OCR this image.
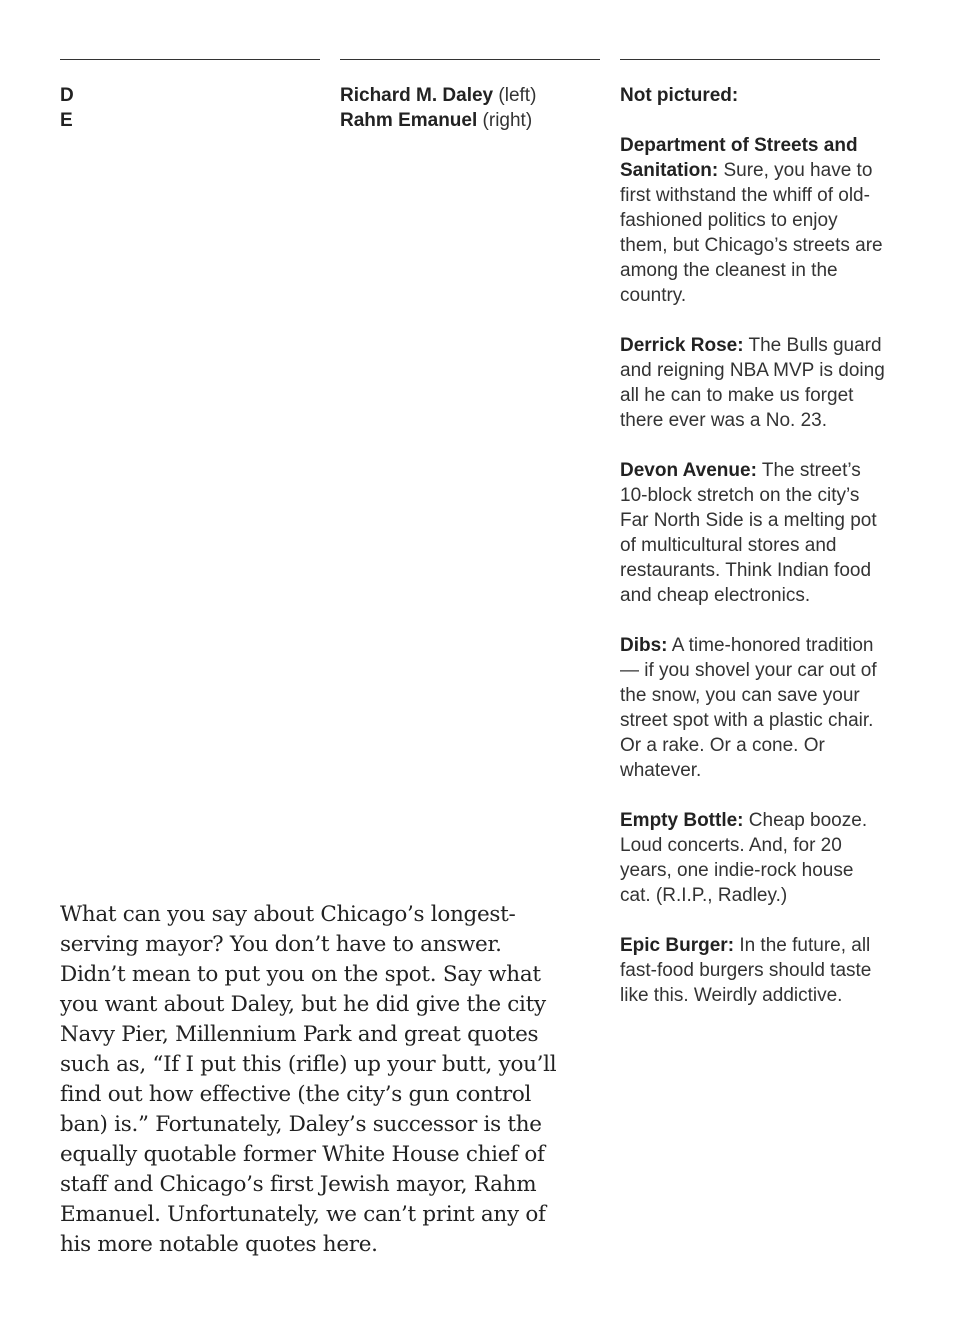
D
E
Richard M. Daley (left)
Rahm Emanuel (right)
Not pictured:

Department of Streets and Sanitation: Sure, you have to first withstand the whiff of old-fashioned politics to enjoy them, but Chicago’s streets are among the cleanest in the country.

Derrick Rose: The Bulls guard and reigning NBA MVP is doing all he can to make us forget there ever was a No. 23.

Devon Avenue: The street’s 10-block stretch on the city’s Far North Side is a melting pot of multicultural stores and restaurants. Think Indian food and cheap electronics.

Dibs: A time-honored tradition — if you shovel your car out of the snow, you can save your street spot with a plastic chair. Or a rake. Or a cone. Or whatever.

Empty Bottle: Cheap booze. Loud concerts. And, for 20 years, one indie-rock house cat. (R.I.P., Radley.)

Epic Burger: In the future, all fast-food burgers should taste like this. Weirdly addictive.

What can you say about Chicago’s longest-serving mayor? You don’t have to answer. Didn’t mean to put you on the spot. Say what you want about Daley, but he did give the city Navy Pier, Millennium Park and great quotes such as, “If I put this (rifle) up your butt, you’ll find out how effective (the city’s gun control ban) is.” Fortunately, Daley’s successor is the equally quotable former White House chief of staff and Chicago’s first Jewish mayor, Rahm Emanuel. Unfortunately, we can’t print any of his more notable quotes here.
